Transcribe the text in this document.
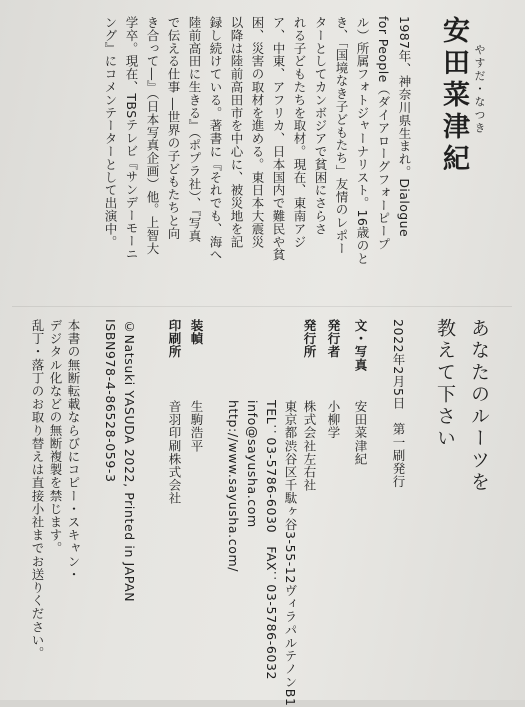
安田菜津紀 やすだ・なつき
1987年、神奈川県生まれ。Dialogue
for People（ダイアローグフォーピープ
ル）所属フォトジャーナリスト。16歳のと
き、「国境なき子どもたち」友情のレポー
ターとしてカンボジアで貧困にさらさ
れる子どもたちを取材。現在、東南アジ
ア、中東、アフリカ、日本国内で難民や貧
困、災害の取材を進める。東日本大震災
以降は陸前高田市を中心に、被災地を記
録し続けている。著書に『それでも、海へ
陸前高田に生きる』（ポプラ社）、『写真
で伝える仕事 ―世界の子どもたちと向
き合って―』（日本写真企画）他。上智大
学卒。現在、TBSテレビ『サンデーモーニ
ング』にコメンテーターとして出演中。
あなたのルーツを
教えて下さい
2022年2月5日　第一刷発行
文・写真
安田菜津紀
発行者
小柳学
発行所
株式会社左右社
東京都渋谷区千駄ヶ谷3-55-12ヴィラパルテノンB1
TEL：03-5786-6030　FAX：03-5786-6032
info@sayusha.com
http://www.sayusha.com/
装幀
生駒浩平
印刷所
音羽印刷株式会社
©Natsuki YASUDA 2022, Printed in JAPAN
ISBN978-4-86528-059-3
本書の無断転載ならびにコピー・スキャン・
デジタル化などの無断複製を禁じます。
乱丁・落丁のお取り替えは直接小社までお送りください。
